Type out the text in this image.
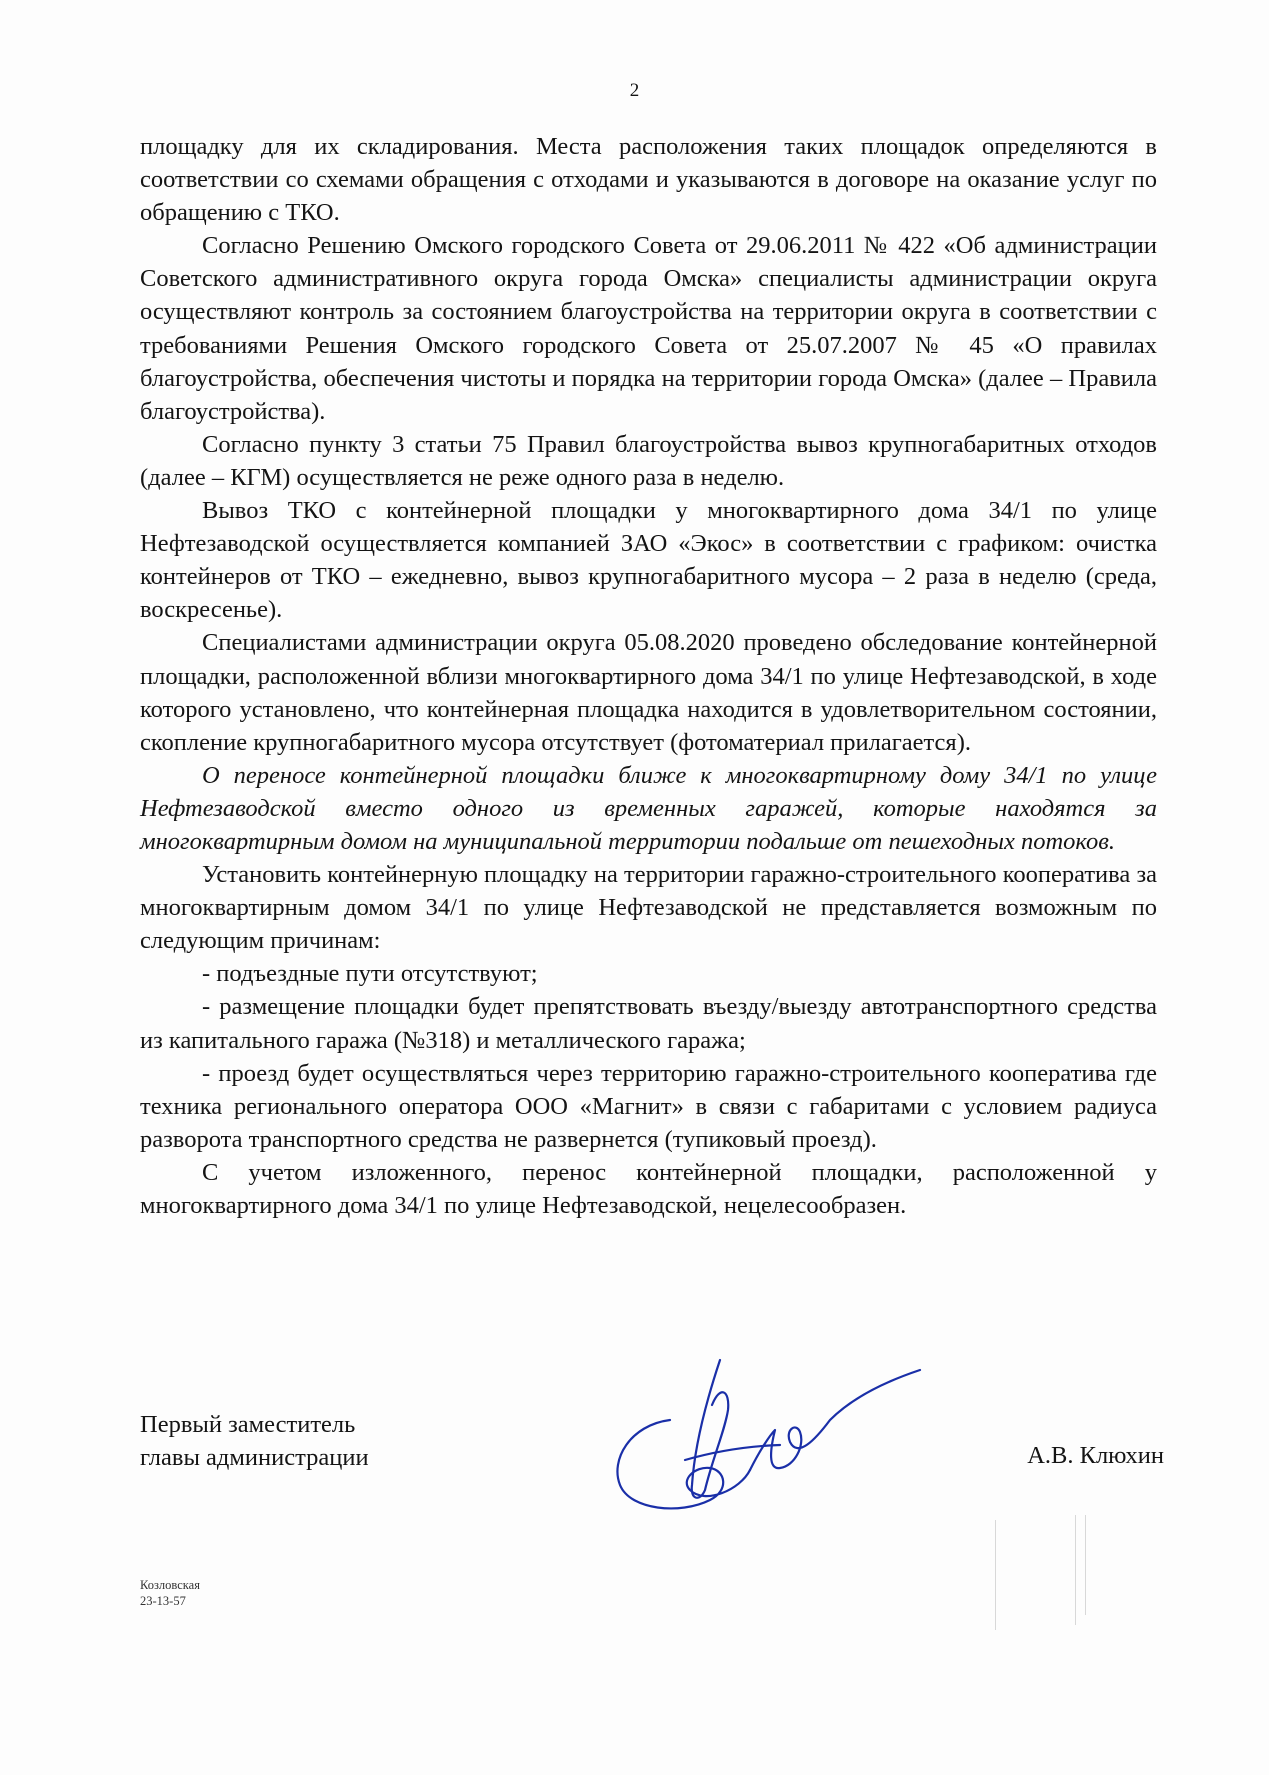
2

площадку для их складирования. Места расположения таких площадок определяются в соответствии со схемами обращения с отходами и указываются в договоре на оказание услуг по обращению с ТКО.

Согласно Решению Омского городского Совета от 29.06.2011 № 422 «Об администрации Советского административного округа города Омска» специалисты администрации округа осуществляют контроль за состоянием благоустройства на территории округа в соответствии с требованиями Решения Омского городского Совета от 25.07.2007 № 45 «О правилах благоустройства, обеспечения чистоты и порядка на территории города Омска» (далее – Правила благоустройства).

Согласно пункту 3 статьи 75 Правил благоустройства вывоз крупногабаритных отходов (далее – КГМ) осуществляется не реже одного раза в неделю.

Вывоз ТКО с контейнерной площадки у многоквартирного дома 34/1 по улице Нефтезаводской осуществляется компанией ЗАО «Экос» в соответствии с графиком: очистка контейнеров от ТКО – ежедневно, вывоз крупногабаритного мусора – 2 раза в неделю (среда, воскресенье).

Специалистами администрации округа 05.08.2020 проведено обследование контейнерной площадки, расположенной вблизи многоквартирного дома 34/1 по улице Нефтезаводской, в ходе которого установлено, что контейнерная площадка находится в удовлетворительном состоянии, скопление крупногабаритного мусора отсутствует (фотоматериал прилагается).

О переносе контейнерной площадки ближе к многоквартирному дому 34/1 по улице Нефтезаводской вместо одного из временных гаражей, которые находятся за многоквартирным домом на муниципальной территории подальше от пешеходных потоков.

Установить контейнерную площадку на территории гаражно-строительного кооператива за многоквартирным домом 34/1 по улице Нефтезаводской не представляется возможным по следующим причинам:

- подъездные пути отсутствуют;

- размещение площадки будет препятствовать въезду/выезду автотранспортного средства из капитального гаража (№318) и металлического гаража;

- проезд будет осуществляться через территорию гаражно-строительного кооператива где техника регионального оператора ООО «Магнит» в связи с габаритами с условием радиуса разворота транспортного средства не развернется (тупиковый проезд).

С учетом изложенного, перенос контейнерной площадки, расположенной у многоквартирного дома 34/1 по улице Нефтезаводской, нецелесообразен.

Первый заместитель
главы администрации	А.В. Клюхин
Козловская
23-13-57
